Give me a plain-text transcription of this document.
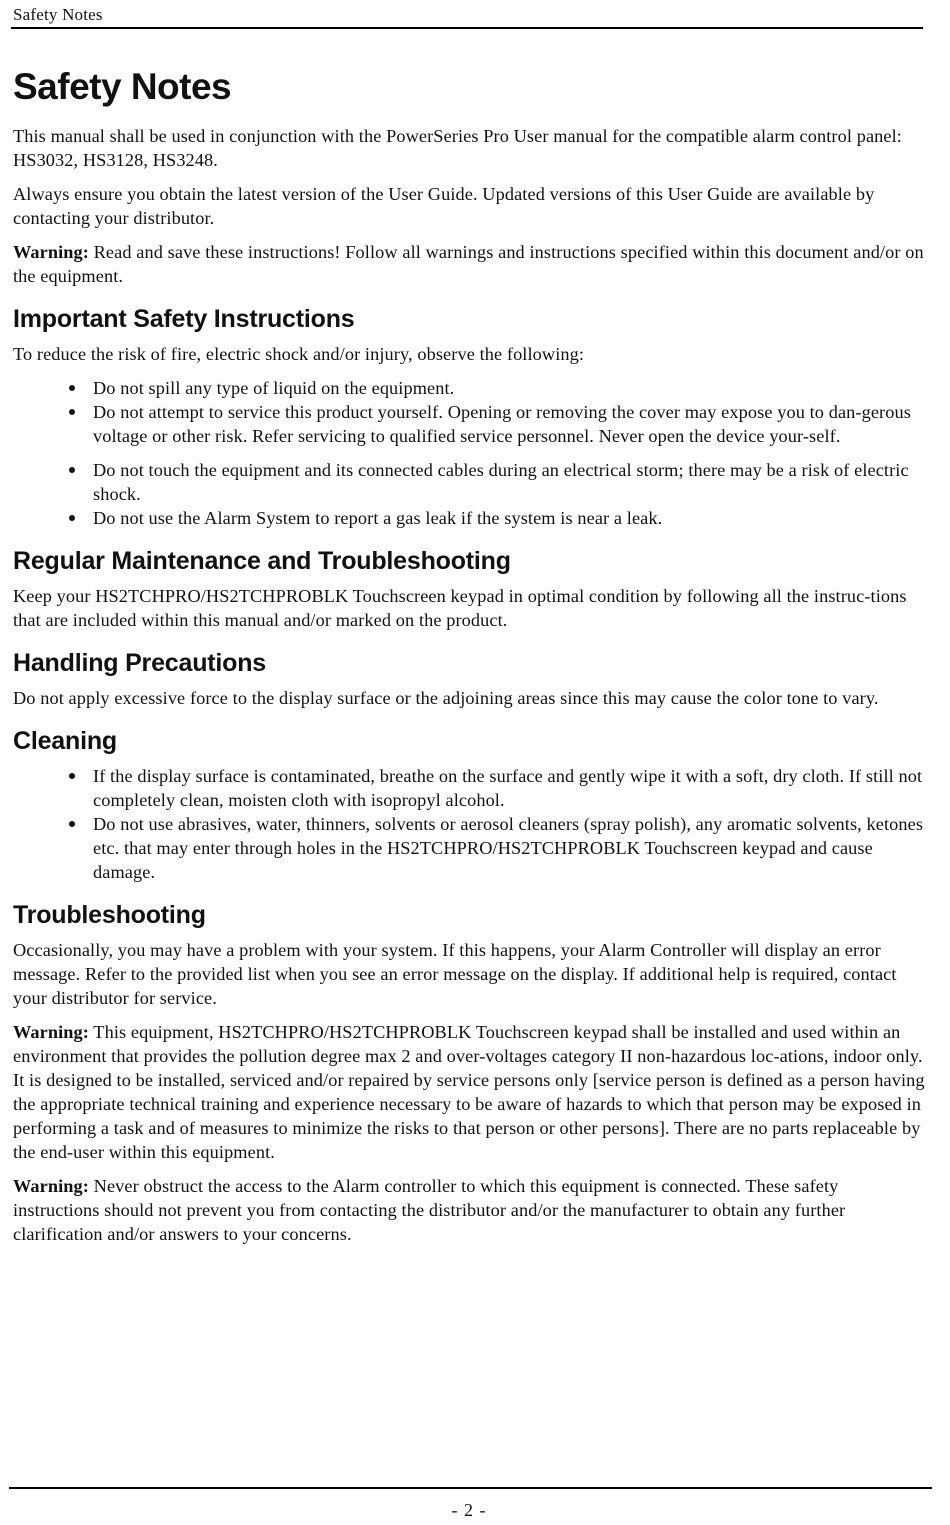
Safety Notes
Safety Notes

This manual shall be used in conjunction with the PowerSeries Pro User manual for the compatible alarm control panel: HS3032, HS3128, HS3248.

Always ensure you obtain the latest version of the User Guide. Updated versions of this User Guide are available by contacting your distributor.

Warning: Read and save these instructions! Follow all warnings and instructions specified within this document and/or on the equipment.

Important Safety Instructions

To reduce the risk of fire, electric shock and/or injury, observe the following:

Do not spill any type of liquid on the equipment.
Do not attempt to service this product yourself. Opening or removing the cover may expose you to dan-gerous voltage or other risk. Refer servicing to qualified service personnel. Never open the device your-self.
Do not touch the equipment and its connected cables during an electrical storm; there may be a risk of electric shock.
Do not use the Alarm System to report a gas leak if the system is near a leak.
Regular Maintenance and Troubleshooting

Keep your HS2TCHPRO/HS2TCHPROBLK Touchscreen keypad in optimal condition by following all the instruc-tions that are included within this manual and/or marked on the product.

Handling Precautions

Do not apply excessive force to the display surface or the adjoining areas since this may cause the color tone to vary.

Cleaning
If the display surface is contaminated, breathe on the surface and gently wipe it with a soft, dry cloth. If still not completely clean, moisten cloth with isopropyl alcohol.
Do not use abrasives, water, thinners, solvents or aerosol cleaners (spray polish), any aromatic solvents, ketones etc. that may enter through holes in the HS2TCHPRO/HS2TCHPROBLK Touchscreen keypad and cause damage.
Troubleshooting

Occasionally, you may have a problem with your system. If this happens, your Alarm Controller will display an error message. Refer to the provided list when you see an error message on the display. If additional help is required, contact your distributor for service.

Warning: This equipment, HS2TCHPRO/HS2TCHPROBLK Touchscreen keypad shall be installed and used within an environment that provides the pollution degree max 2 and over-voltages category II non-hazardous loc-ations, indoor only. It is designed to be installed, serviced and/or repaired by service persons only [service person is defined as a person having the appropriate technical training and experience necessary to be aware of hazards to which that person may be exposed in performing a task and of measures to minimize the risks to that person or other persons]. There are no parts replaceable by the end-user within this equipment.

Warning: Never obstruct the access to the Alarm controller to which this equipment is connected. These safety instructions should not prevent you from contacting the distributor and/or the manufacturer to obtain any further clarification and/or answers to your concerns.

- 2 -
